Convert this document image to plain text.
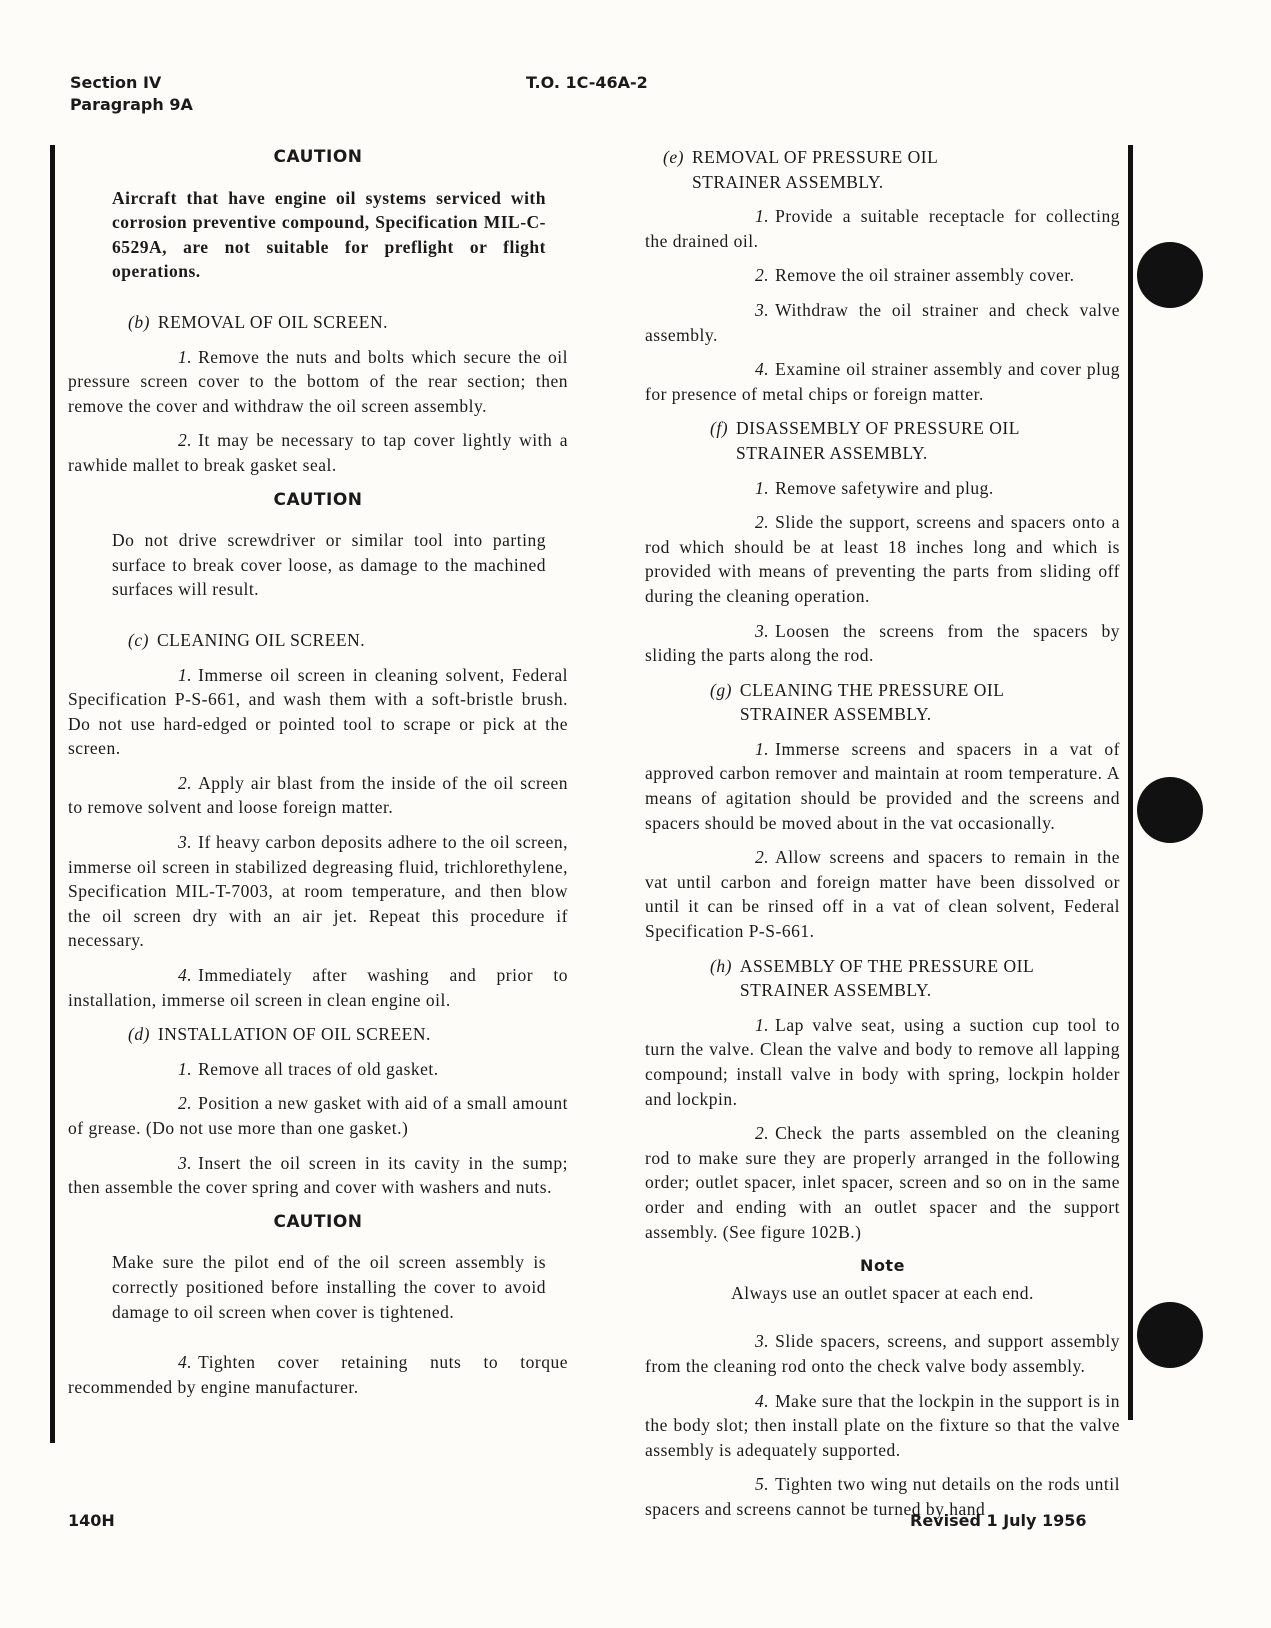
Section IV
Paragraph 9A
T.O. 1C-46A-2
CAUTION
Aircraft that have engine oil systems serviced with corrosion preventive compound, Specification MIL-C-6529A, are not suitable for preflight or flight operations.
(b) REMOVAL OF OIL SCREEN.
1. Remove the nuts and bolts which secure the oil pressure screen cover to the bottom of the rear section; then remove the cover and withdraw the oil screen assembly.
2. It may be necessary to tap cover lightly with a rawhide mallet to break gasket seal.
CAUTION
Do not drive screwdriver or similar tool into parting surface to break cover loose, as damage to the machined surfaces will result.
(c) CLEANING OIL SCREEN.
1. Immerse oil screen in cleaning solvent, Federal Specification P-S-661, and wash them with a soft-bristle brush. Do not use hard-edged or pointed tool to scrape or pick at the screen.
2. Apply air blast from the inside of the oil screen to remove solvent and loose foreign matter.
3. If heavy carbon deposits adhere to the oil screen, immerse oil screen in stabilized degreasing fluid, trichlorethylene, Specification MIL-T-7003, at room temperature, and then blow the oil screen dry with an air jet. Repeat this procedure if necessary.
4. Immediately after washing and prior to installation, immerse oil screen in clean engine oil.
(d) INSTALLATION OF OIL SCREEN.
1. Remove all traces of old gasket.
2. Position a new gasket with aid of a small amount of grease. (Do not use more than one gasket.)
3. Insert the oil screen in its cavity in the sump; then assemble the cover spring and cover with washers and nuts.
CAUTION
Make sure the pilot end of the oil screen assembly is correctly positioned before installing the cover to avoid damage to oil screen when cover is tightened.
4. Tighten cover retaining nuts to torque recommended by engine manufacturer.
(e) REMOVAL OF PRESSURE OIL STRAINER ASSEMBLY.
1. Provide a suitable receptacle for collecting the drained oil.
2. Remove the oil strainer assembly cover.
3. Withdraw the oil strainer and check valve assembly.
4. Examine oil strainer assembly and cover plug for presence of metal chips or foreign matter.
(f) DISASSEMBLY OF PRESSURE OIL STRAINER ASSEMBLY.
1. Remove safetywire and plug.
2. Slide the support, screens and spacers onto a rod which should be at least 18 inches long and which is provided with means of preventing the parts from sliding off during the cleaning operation.
3. Loosen the screens from the spacers by sliding the parts along the rod.
(g) CLEANING THE PRESSURE OIL STRAINER ASSEMBLY.
1. Immerse screens and spacers in a vat of approved carbon remover and maintain at room temperature. A means of agitation should be provided and the screens and spacers should be moved about in the vat occasionally.
2. Allow screens and spacers to remain in the vat until carbon and foreign matter have been dissolved or until it can be rinsed off in a vat of clean solvent, Federal Specification P-S-661.
(h) ASSEMBLY OF THE PRESSURE OIL STRAINER ASSEMBLY.
1. Lap valve seat, using a suction cup tool to turn the valve. Clean the valve and body to remove all lapping compound; install valve in body with spring, lockpin holder and lockpin.
2. Check the parts assembled on the cleaning rod to make sure they are properly arranged in the following order; outlet spacer, inlet spacer, screen and so on in the same order and ending with an outlet spacer and the support assembly. (See figure 102B.)
Note
Always use an outlet spacer at each end.
3. Slide spacers, screens, and support assembly from the cleaning rod onto the check valve body assembly.
4. Make sure that the lockpin in the support is in the body slot; then install plate on the fixture so that the valve assembly is adequately supported.
5. Tighten two wing nut details on the rods until spacers and screens cannot be turned by hand
140H	Revised 1 July 1956
